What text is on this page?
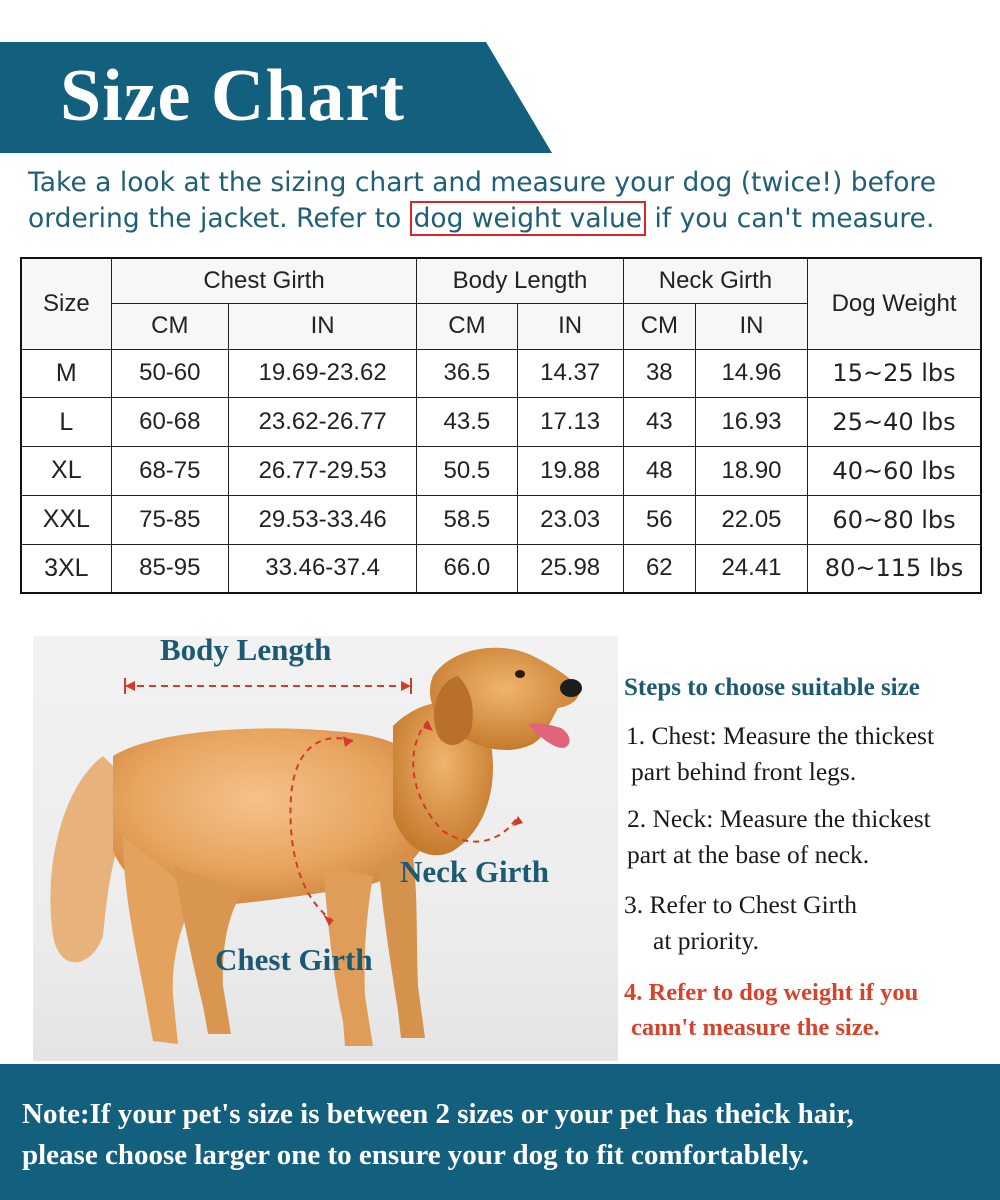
Size Chart
Take a look at the sizing chart and measure your dog (twice!) before
ordering the jacket. Refer to dog weight value if you can't measure.
Size	Chest Girth		Body Length		Neck Girth		Dog Weight
	CM	IN	CM	IN	CM	IN	
M	50-60	19.69-23.62	36.5	14.37	38	14.96	15~25 lbs
L	60-68	23.62-26.77	43.5	17.13	43	16.93	25~40 lbs
XL	68-75	26.77-29.53	50.5	19.88	48	18.90	40~60 lbs
XXL	75-85	29.53-33.46	58.5	23.03	56	22.05	60~80 lbs
3XL	85-95	33.46-37.4	66.0	25.98	62	24.41	80~115 lbs
Body Length
Neck Girth
Chest Girth
Steps to choose suitable size
1. Chest: Measure the thickest
part behind front legs.
2. Neck: Measure the thickest
part at the base of neck.
3. Refer to Chest Girth
at priority.
4. Refer to dog weight if you
cann't measure the size.

Note:If your pet's size is between 2 sizes or your pet has theick hair,
please choose larger one to ensure your dog to fit comfortablely.
